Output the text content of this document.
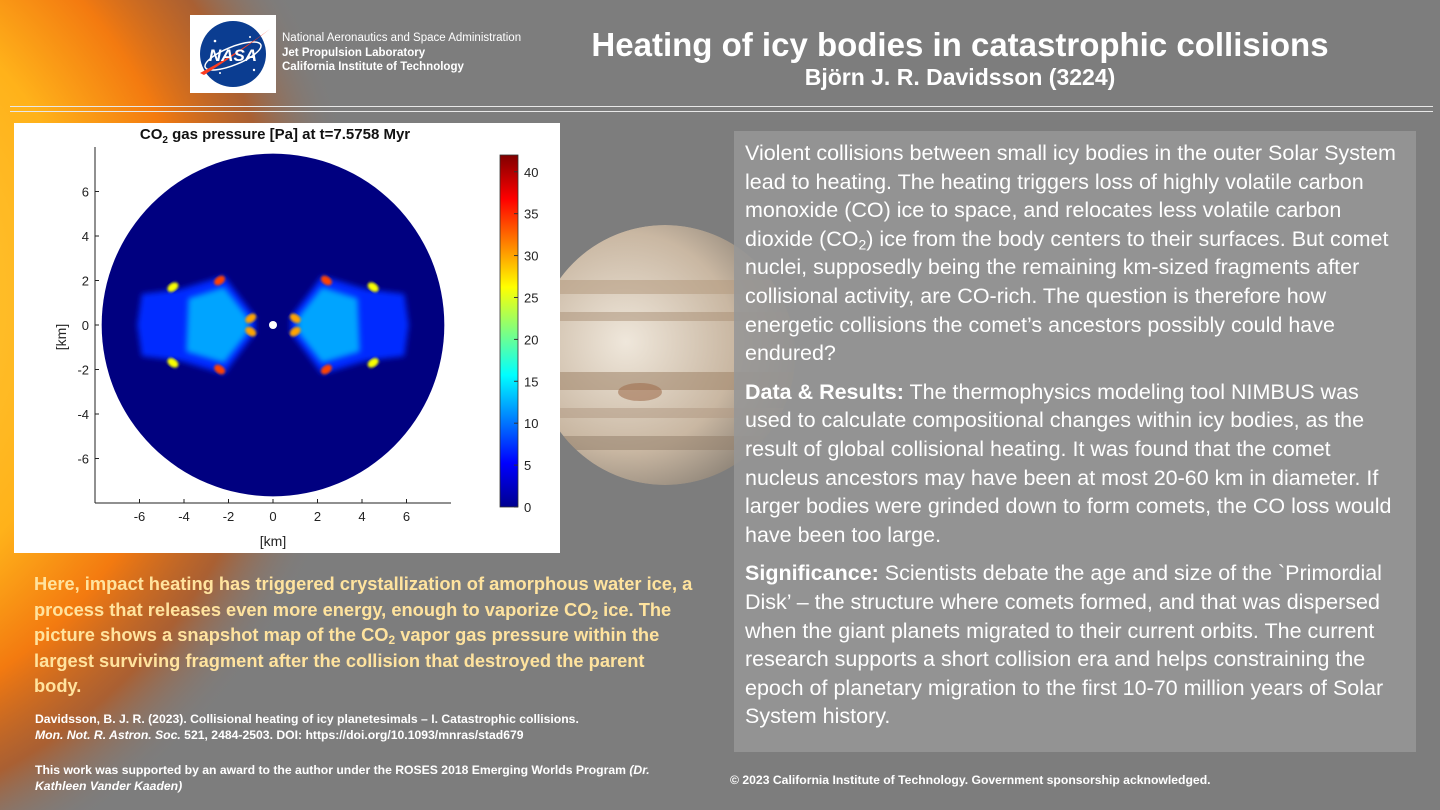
NASA
National Aeronautics and Space Administration
Jet Propulsion Laboratory
California Institute of Technology
Heating of icy bodies in catastrophic collisions
Björn J. R. Davidsson (3224)
$CO_2$ gas pressure [Pa] at t=7.5758 Myr
-6	-4	-2	0	2	4	6
-6
-4
-2
0
2
4
6
0
5
10
15
20
25
30
35
40
[km]
[km]
Here, impact heating has triggered crystallization of amorphous water ice, a process that releases even more energy, enough to vaporize $CO_2$ ice. The picture shows a snapshot map of the $CO_2$ vapor gas pressure within the largest surviving fragment after the collision that destroyed the parent body.
Davidsson, B. J. R. (2023). Collisional heating of icy planetesimals – I. Catastrophic collisions.
Mon. Not. R. Astron. Soc. 521, 2484-2503. DOI: https://doi.org/10.1093/mnras/stad679
This work was supported by an award to the author under the ROSES 2018 Emerging Worlds Program (Dr. Kathleen Vander Kaaden)

Violent collisions between small icy bodies in the outer Solar System lead to heating. The heating triggers loss of highly volatile carbon monoxide (CO) ice to space, and relocates less volatile carbon dioxide $(CO_2)$ ice from the body centers to their surfaces. But comet nuclei, supposedly being the remaining km-sized fragments after collisional activity, are CO-rich. The question is therefore how energetic collisions the comet’s ancestors possibly could have endured?

Data & Results: The thermophysics modeling tool NIMBUS was used to calculate compositional changes within icy bodies, as the result of global collisional heating. It was found that the comet nucleus ancestors may have been at most 20-60 km in diameter. If larger bodies were grinded down to form comets, the CO loss would have been too large.

Significance: Scientists debate the age and size of the `Primordial Disk’ – the structure where comets formed, and that was dispersed when the giant planets migrated to their current orbits. The current research supports a short collision era and helps constraining the epoch of planetary migration to the first 10-70 million years of Solar System history.

© 2023 California Institute of Technology. Government sponsorship acknowledged.
